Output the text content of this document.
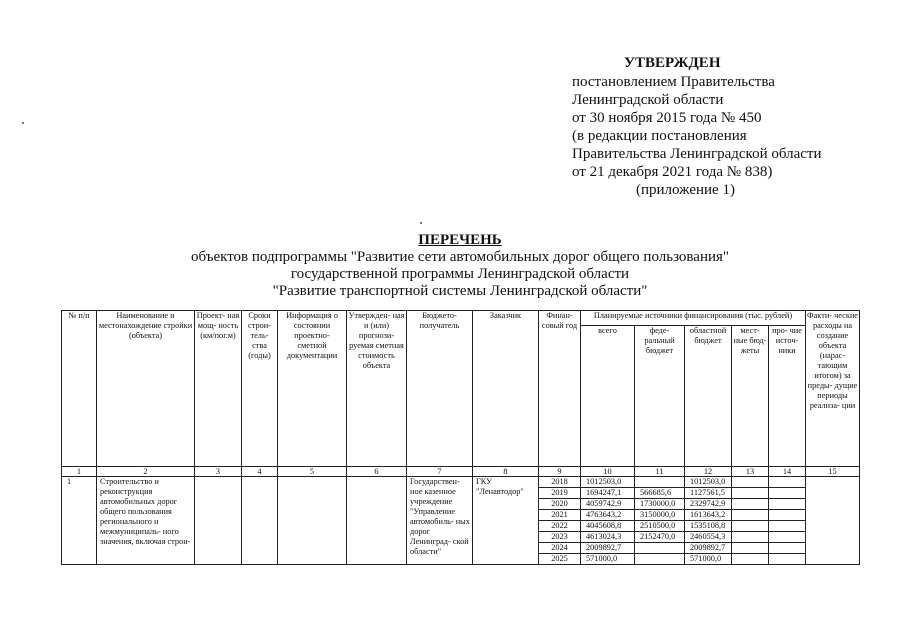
УТВЕРЖДЕН
постановлением Правительства
Ленинградской области
от 30 ноября 2015 года № 450
(в редакции постановления
Правительства Ленинградской области
от 21 декабря 2021 года № 838)
(приложение 1)
ПЕРЕЧЕНЬ
объектов подпрограммы "Развитие сети автомобильных дорог общего пользования"
государственной программы Ленинградской области
"Развитие транспортной системы Ленинградской области"
№ п/п	Наименование и местонахождение стройки (объекта)	Проект- ная мощ- ность (км/пог.м)	Сроки строи- тель- ства (годы)	Информация о состоянии проектно- сметной документации	Утвержден- ная и (или) прогнози- руемая сметная стоимость объекта	Бюджето- получатель	Заказчик	Финан- совый год	Планируемые источники финансирования (тыс. рублей)					Факти- ческие расходы на создание объекта (нарас- тающим итогом) за преды- дущие периоды реализа- ции
									всего	феде- ральный бюджет	областной бюджет	мест- ные бюд- жеты	про- чие источ- ники	
1	2	3	4	5	6	7	8	9	10	11	12	13	14	15
1	Строительство и реконструкция автомобильных дорог общего пользования регионального и межмуниципаль- ного значения, включая строи-					Государствен- ное казенное учреждение "Управление автомобиль- ных дорог Ленинград- ской области"	ГКУ "Ленавтодор"	2018	1012503,0		1012503,0			
								2019	1694247,1	566685,6	1127561,5			
								2020	4059742,9	1730000,0	2329742,9			
								2021	4763643,2	3150000,0	1613643,2			
								2022	4045608,8	2510500,0	1535108,8			
								2023	4613024,3	2152470,0	2460554,3			
								2024	2009892,7		2009892,7			
								2025	571000,0		571000,0			
